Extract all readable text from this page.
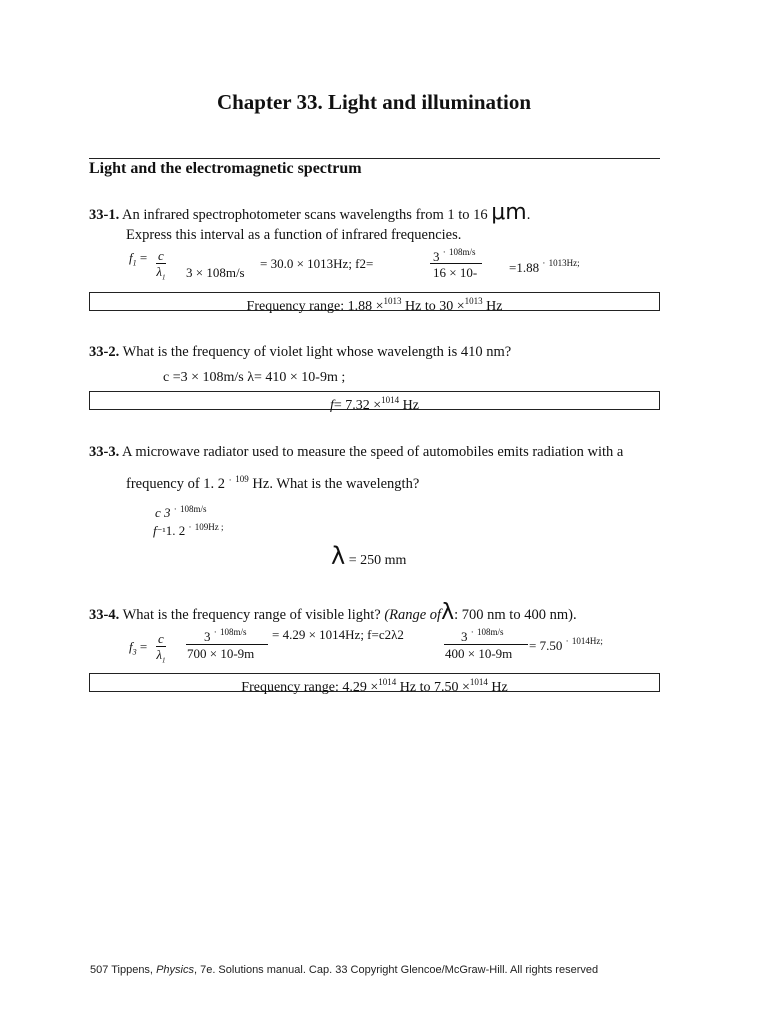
Chapter 33. Light and illumination
Light and the electromagnetic spectrum
33-1. An infrared spectrophotometer scans wavelengths from 1 to 16 μm.
Express this interval as a function of infrared frequencies.
$f_1 = \frac{c}{\lambda_1} 3 \times 108m/s$
= 30.0 × 1013Hz; f2=	3 · $^{108m/s}$
16 × 10- =1.88 · $^{1013Hz;}$
Frequency range: 1.88 ×$^{1013}$ Hz to 30 ×$^{1013}$ Hz
33-2. What is the frequency of violet light whose wavelength is 410 nm?
c =3 × 108m/s λ= 410 × 10-9m ;
f= 7.32 ×$^{1014}$ Hz
33-3. A microwave radiator used to measure the speed of automobiles emits radiation with a
frequency of 1. 2 · $^{109}$ Hz. What is the wavelength?
c 3 · $^{108m/s}$
f⁻¹1. 2 · $^{109Hz ;}$
λ = 250 mm
33-4. What is the frequency range of visible light? (Range ofλ: 700 nm to 400 nm).
$f_3 = \frac{c}{\lambda_1}$	3 · $^{108m/s}$
700 × 10-9m
= 4.29 × 1014Hz; f=c2λ2	3 · $^{108m/s}$
400 × 10-9m
= 7.50 · $^{1014Hz;}$
Frequency range: 4.29 ×$^{1014}$ Hz to 7.50 ×$^{1014}$ Hz
507 Tippens, Physics, 7e. Solutions manual. Cap. 33 Copyright Glencoe/McGraw-Hill. All rights reserved
